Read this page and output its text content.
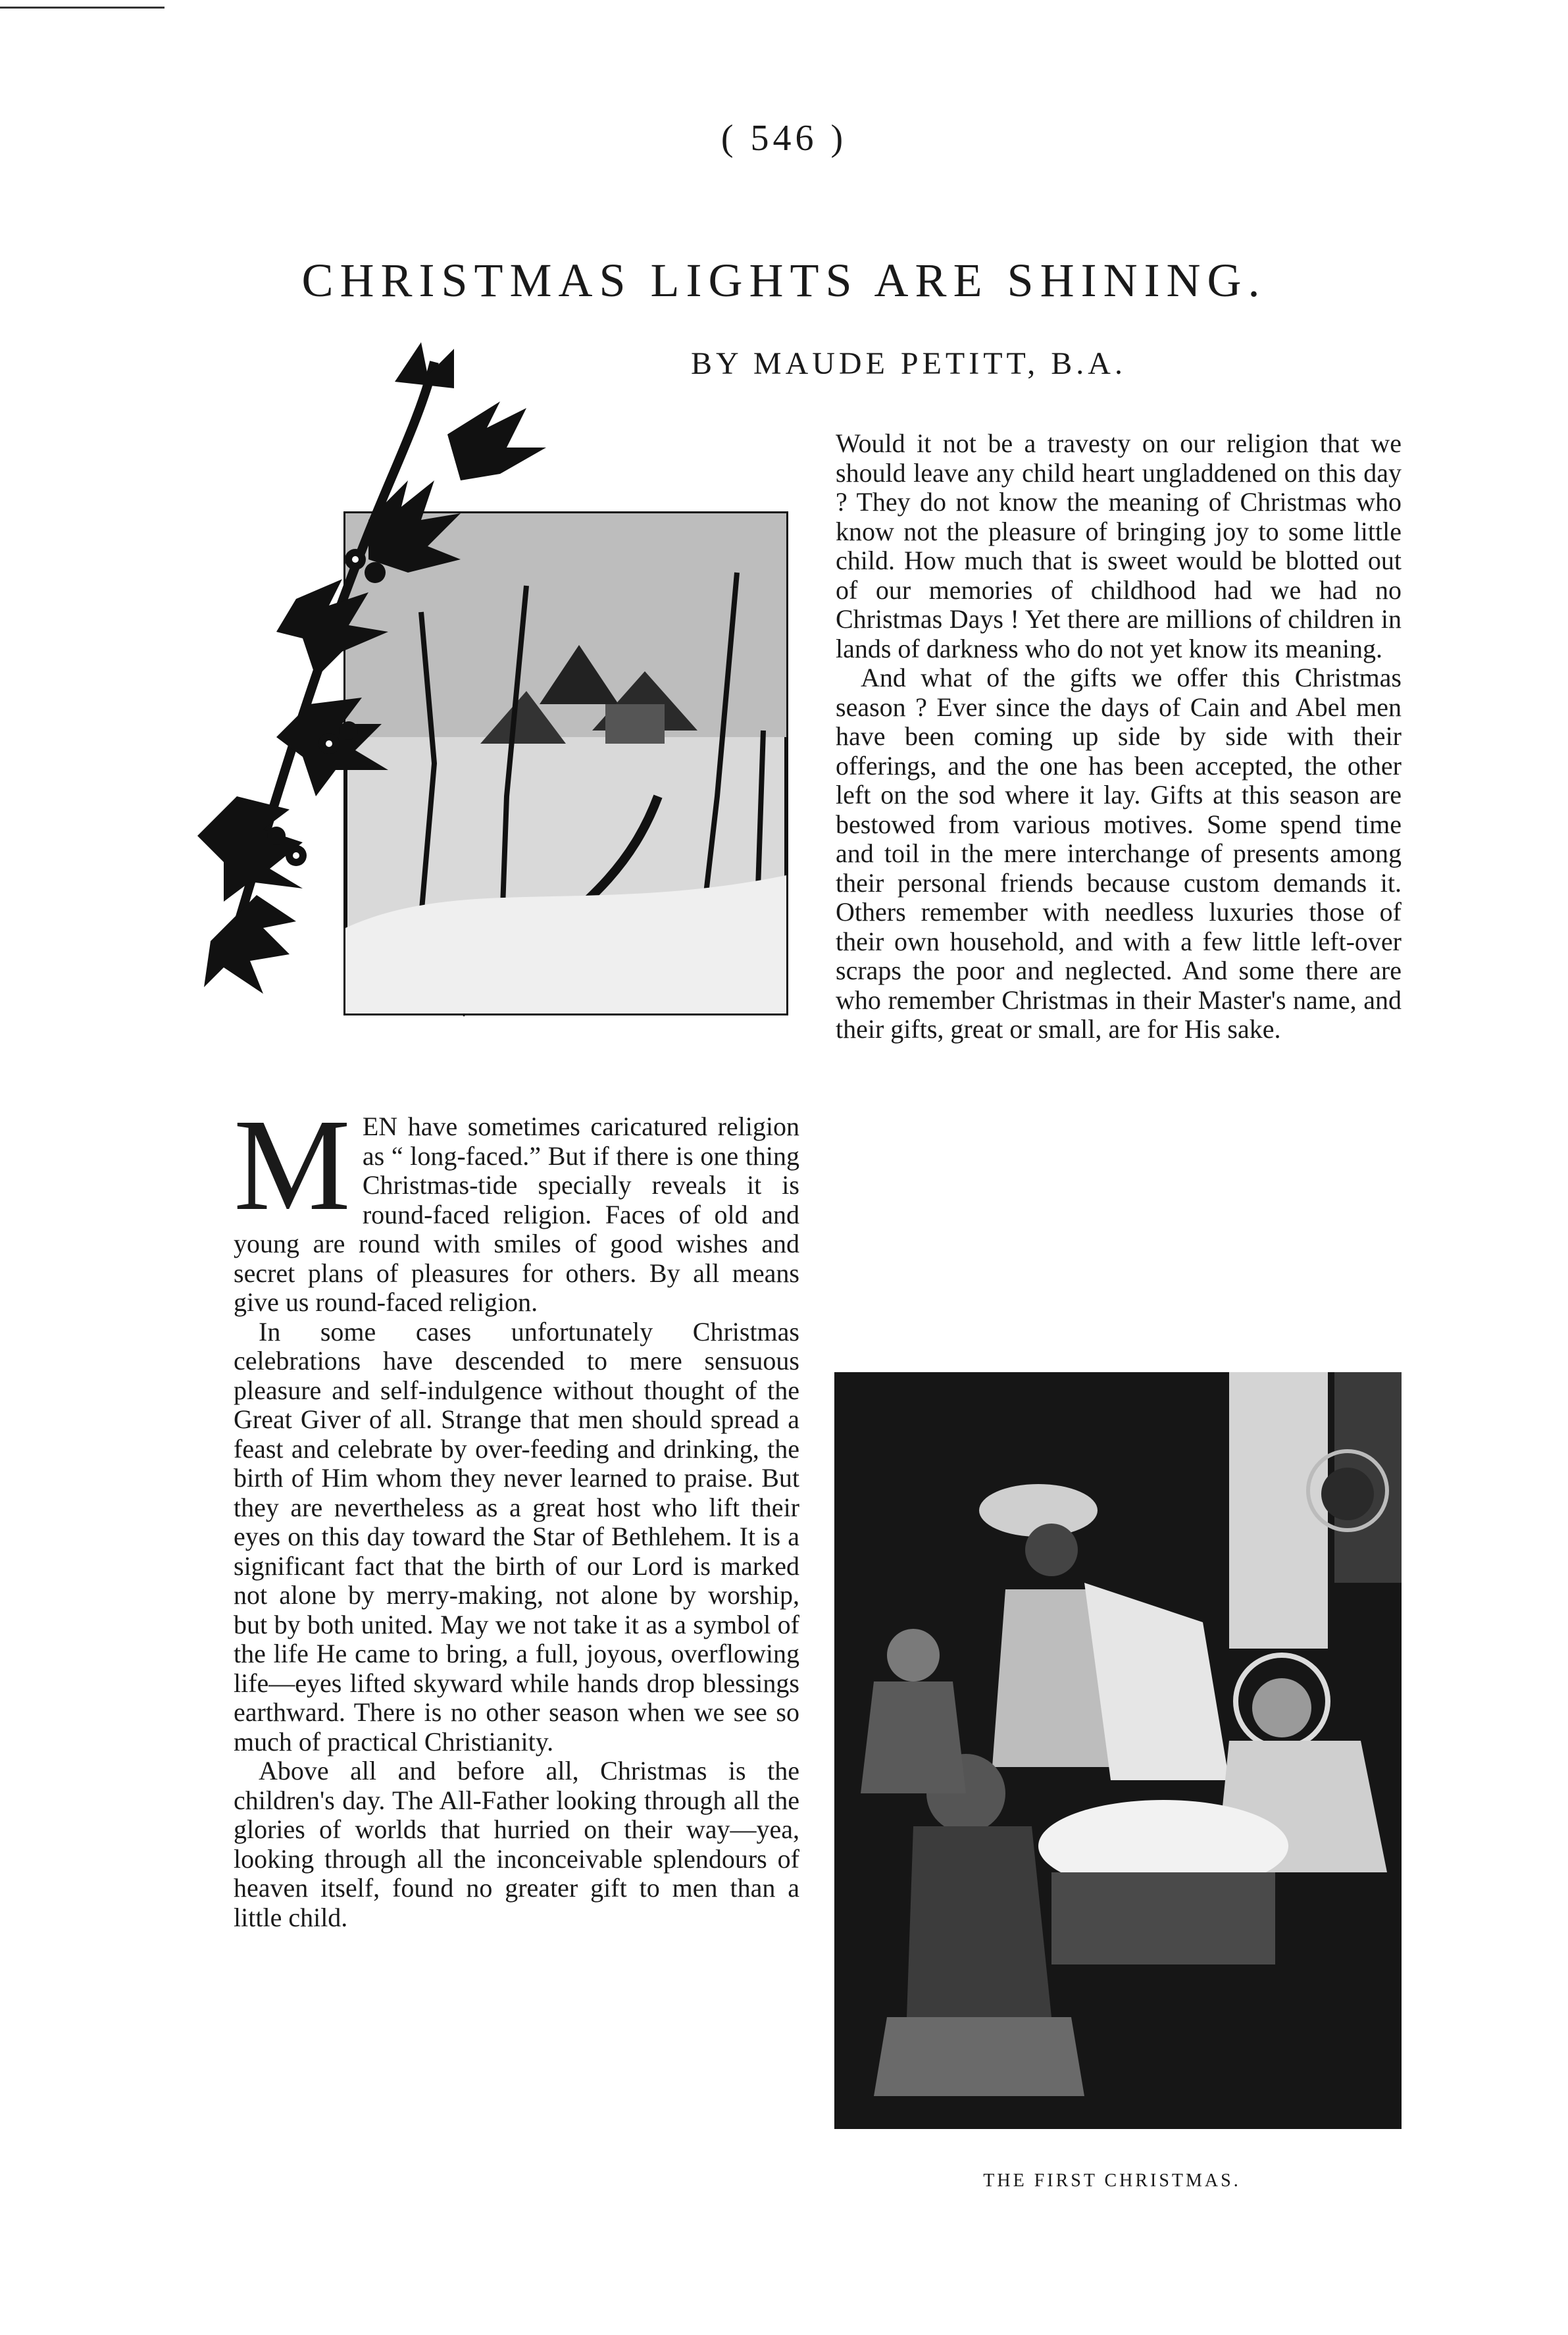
( 546 )
CHRISTMAS LIGHTS ARE SHINING.
BY MAUDE PETITT, B.A.

MEN have sometimes caricatured religion as “ long-faced.” But if there is one thing Christmas-tide specially reveals it is round-faced religion. Faces of old and young are round with smiles of good wishes and secret plans of pleasures for others. By all means give us round-faced religion.

In some cases unfortunately Christmas celebrations have descended to mere sensuous pleasure and self-indulgence without thought of the Great Giver of all. Strange that men should spread a feast and celebrate by over-feeding and drinking, the birth of Him whom they never learned to praise. But they are nevertheless as a great host who lift their eyes on this day toward the Star of Bethlehem. It is a significant fact that the birth of our Lord is marked not alone by merry-making, not alone by worship, but by both united. May we not take it as a symbol of the life He came to bring, a full, joyous, overflowing life—eyes lifted skyward while hands drop blessings earthward. There is no other season when we see so much of practical Christianity.

Above all and before all, Christmas is the children's day. The All-Father looking through all the glories of worlds that hurried on their way—yea, looking through all the inconceivable splendours of heaven itself, found no greater gift to men than a little child.

Would it not be a travesty on our religion that we should leave any child heart ungladdened on this day ? They do not know the meaning of Christmas who know not the pleasure of bringing joy to some little child. How much that is sweet would be blotted out of our memories of childhood had we had no Christmas Days ! Yet there are millions of children in lands of darkness who do not yet know its meaning.

And what of the gifts we offer this Christmas season ? Ever since the days of Cain and Abel men have been coming up side by side with their offerings, and the one has been accepted, the other left on the sod where it lay. Gifts at this season are bestowed from various motives. Some spend time and toil in the mere interchange of presents among their personal friends because custom demands it. Others remember with needless luxuries those of their own household, and with a few little left-over scraps the poor and neglected. And some there are who remember Christmas in their Master's name, and their gifts, great or small, are for His sake.

THE FIRST CHRISTMAS.
